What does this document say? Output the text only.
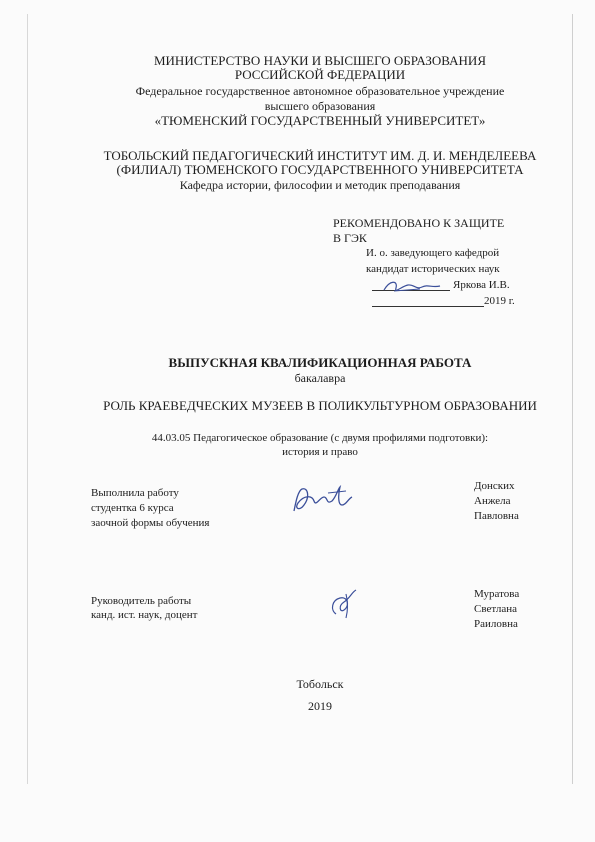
МИНИСТЕРСТВО НАУКИ И ВЫСШЕГО ОБРАЗОВАНИЯ
РОССИЙСКОЙ ФЕДЕРАЦИИ
Федеральное государственное автономное образовательное учреждение
высшего образования
«ТЮМЕНСКИЙ ГОСУДАРСТВЕННЫЙ УНИВЕРСИТЕТ»
ТОБОЛЬСКИЙ ПЕДАГОГИЧЕСКИЙ ИНСТИТУТ ИМ. Д. И. МЕНДЕЛЕЕВА
(ФИЛИАЛ) ТЮМЕНСКОГО ГОСУДАРСТВЕННОГО УНИВЕРСИТЕТА
Кафедра истории, философии и методик преподавания
РЕКОМЕНДОВАНО К ЗАЩИТЕ
В ГЭК
И. о. заведующего кафедрой
кандидат исторических наук
Яркова И.В.
2019 г.
ВЫПУСКНАЯ КВАЛИФИКАЦИОННАЯ РАБОТА
бакалавра
РОЛЬ КРАЕВЕДЧЕСКИХ МУЗЕЕВ В ПОЛИКУЛЬТУРНОМ ОБРАЗОВАНИИ
44.03.05 Педагогическое образование (с двумя профилями подготовки):
история и право
Выполнила работу
студентка 6 курса
заочной формы обучения
Донских
Анжела
Павловна
Руководитель работы
канд. ист. наук, доцент
Муратова
Светлана
Раиловна
Тобольск
2019
